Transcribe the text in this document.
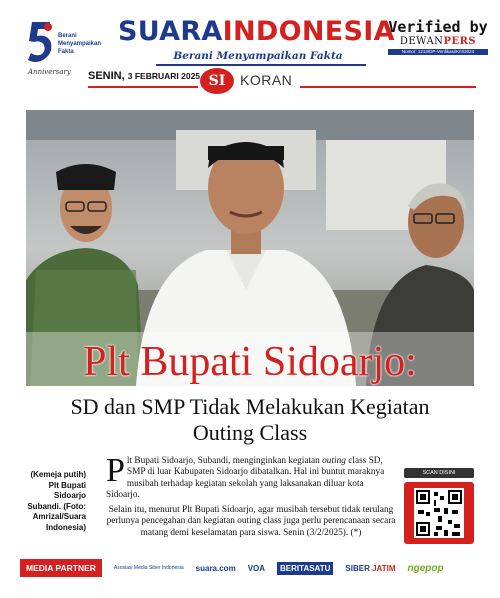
Berani
Menyampaikan
Fakta
Anniversary
SUARAINDONESIA
Berani Menyampaikan Fakta
Verified by
DEWANPERS
Nomor: 1213/DP-Verifikasi/K/II/2024
SENIN, 3 FEBRUARI 2025 SI	KORAN
Plt Bupati Sidoarjo:
SD dan SMP Tidak Melakukan Kegiatan Outing Class
(Kemeja putih) Plt Bupati Sidoarjo Subandi. (Foto: Amrizal/Suara Indonesia)

Plt Bupati Sidoarjo, Subandi, menginginkan kegiatan outing class SD, SMP di luar Kabupaten Sidoarjo dibatalkan. Hal ini buntut maraknya musibah terhadap kegiatan sekolah yang laksanakan diluar kota Sidoarjo.

Selain itu, menurut Plt Bupati Sidoarjo, agar musibah tersebut tidak terulang perlunya pencegahan dan kegiatan outing class juga perlu perencanaan secara matang demi keselamatan para siswa. Senin (3/2/2025). (*)

SCAN DISINI
MEDIA PARTNER	Asosiasi Media Siber Indonesia suara.com VOA	BERITASATU	SIBER JATIM ngepop
